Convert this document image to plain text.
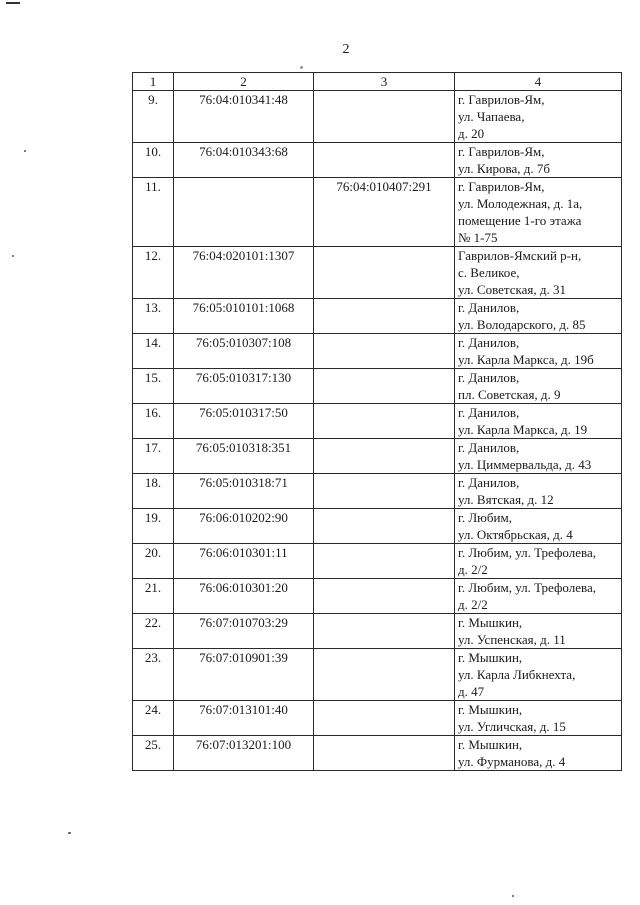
2
1	2	3	4
9.	76:04:010341:48		г. Гаврилов-Ям,
ул. Чапаева,
д. 20

10.	76:04:010343:68		г. Гаврилов-Ям,
ул. Кирова, д. 7б

11.		76:04:010407:291	г. Гаврилов-Ям,
ул. Молодежная, д. 1а,
помещение 1-го этажа
№ 1-75

12.	76:04:020101:1307		Гаврилов-Ямский р-н,
с. Великое,
ул. Советская, д. 31

13.	76:05:010101:1068		г. Данилов,
ул. Володарского, д. 85

14.	76:05:010307:108		г. Данилов,
ул. Карла Маркса, д. 19б

15.	76:05:010317:130		г. Данилов,
пл. Советская, д. 9

16.	76:05:010317:50		г. Данилов,
ул. Карла Маркса, д. 19

17.	76:05:010318:351		г. Данилов,
ул. Циммервальда, д. 43

18.	76:05:010318:71		г. Данилов,
ул. Вятская, д. 12

19.	76:06:010202:90		г. Любим,
ул. Октябрьская, д. 4

20.	76:06:010301:11		г. Любим, ул. Трефолева,
д. 2/2

21.	76:06:010301:20		г. Любим, ул. Трефолева,
д. 2/2

22.	76:07:010703:29		г. Мышкин,
ул. Успенская, д. 11

23.	76:07:010901:39		г. Мышкин,
ул. Карла Либкнехта,
д. 47

24.	76:07:013101:40		г. Мышкин,
ул. Угличская, д. 15

25.	76:07:013201:100		г. Мышкин,
ул. Фурманова, д. 4
